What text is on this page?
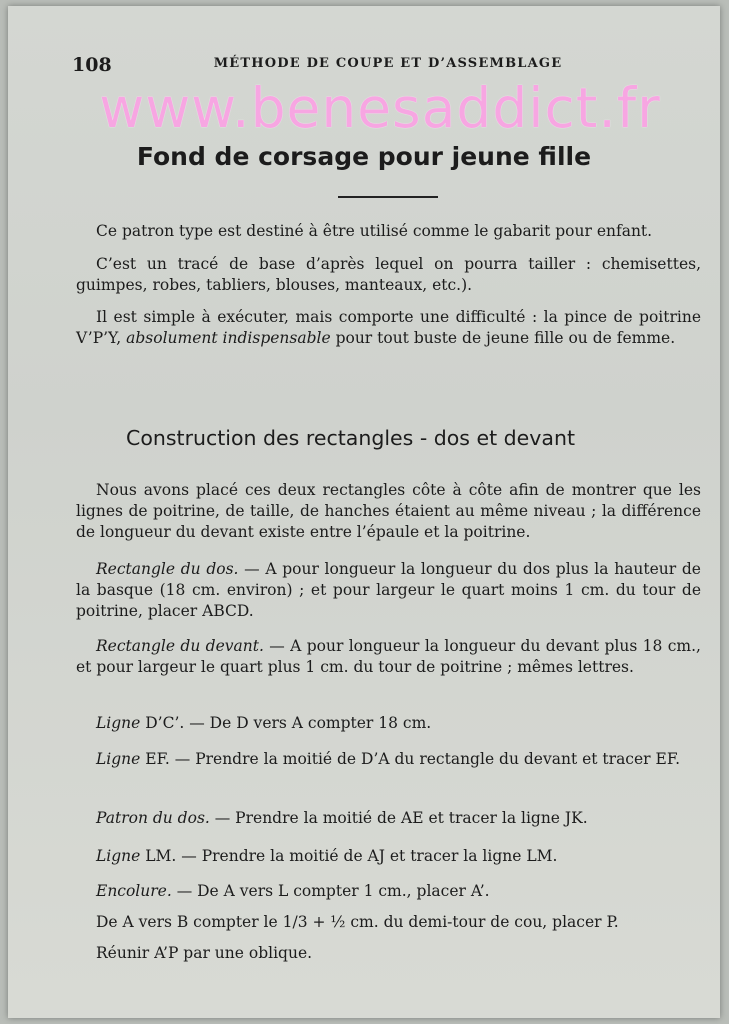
108	MÉTHODE DE COUPE ET D’ASSEMBLAGE
www.benesaddict.fr
Fond de corsage pour jeune fille

Ce patron type est destiné à être utilisé comme le gabarit pour enfant.

C’est un tracé de base d’après lequel on pourra tailler : chemisettes, guimpes, robes, tabliers, blouses, manteaux, etc.).

Il est simple à exécuter, mais comporte une difficulté : la pince de poitrine V’P’Y, absolument indispensable pour tout buste de jeune fille ou de femme.

Construction des rectangles - dos et devant

Nous avons placé ces deux rectangles côte à côte afin de montrer que les lignes de poitrine, de taille, de hanches étaient au même niveau ; la différence de longueur du devant existe entre l’épaule et la poitrine.

Rectangle du dos. — A pour longueur la longueur du dos plus la hauteur de la basque (18 cm. environ) ; et pour largeur le quart moins 1 cm. du tour de poitrine, placer ABCD.

Rectangle du devant. — A pour longueur la longueur du devant plus 18 cm., et pour largeur le quart plus 1 cm. du tour de poitrine ; mêmes lettres.

Ligne D’C’. — De D vers A compter 18 cm.

Ligne EF. — Prendre la moitié de D’A du rectangle du devant et tracer EF.

Patron du dos. — Prendre la moitié de AE et tracer la ligne JK.

Ligne LM. — Prendre la moitié de AJ et tracer la ligne LM.

Encolure. — De A vers L compter 1 cm., placer A’.

De A vers B compter le 1/3 + ½ cm. du demi-tour de cou, placer P.

Réunir A’P par une oblique.
